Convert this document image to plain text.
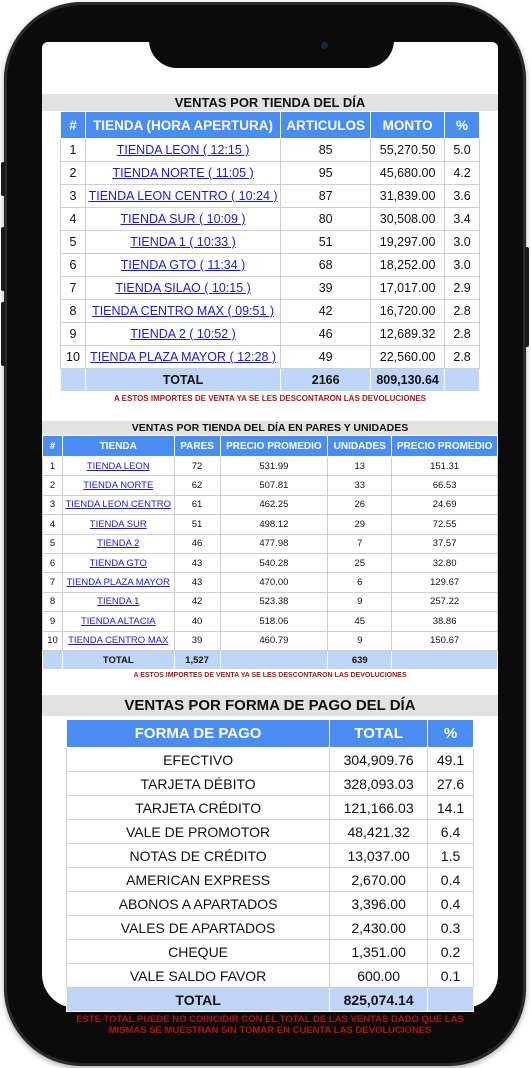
VENTAS POR TIENDA DEL DÍA
#	TIENDA (HORA APERTURA)	ARTICULOS	MONTO	%
1	TIENDA LEON ( 12:15 )	85	55,270.50	5.0
2	TIENDA NORTE ( 11:05 )	95	45,680.00	4.2
3	TIENDA LEON CENTRO ( 10:24 )	87	31,839.00	3.6
4	TIENDA SUR ( 10:09 )	80	30,508.00	3.4
5	TIENDA 1 ( 10:33 )	51	19,297.00	3.0
6	TIENDA GTO ( 11:34 )	68	18,252.00	3.0
7	TIENDA SILAO ( 10:15 )	39	17,017.00	2.9
8	TIENDA CENTRO MAX ( 09:51 )	42	16,720.00	2.8
9	TIENDA 2 ( 10:52 )	46	12,689.32	2.8
10	TIENDA PLAZA MAYOR ( 12:28 )	49	22,560.00	2.8
	TOTAL	2166	809,130.64	
A ESTOS IMPORTES DE VENTA YA SE LES DESCONTARON LAS DEVOLUCIONES
VENTAS POR TIENDA DEL DÍA EN PARES Y UNIDADES
#	TIENDA	PARES	PRECIO PROMEDIO	UNIDADES	PRECIO PROMEDIO
1	TIENDA LEON	72	531.99	13	151.31
2	TIENDA NORTE	62	507.81	33	66.53
3	TIENDA LEON CENTRO	61	462.25	26	24.69
4	TIENDA SUR	51	498.12	29	72.55
5	TIENDA 2	46	477.98	7	37.57
6	TIENDA GTO	43	540.28	25	32.80
7	TIENDA PLAZA MAYOR	43	470.00	6	129.67
8	TIENDA 1	42	523.38	9	257.22
9	TIENDA ALTACIA	40	518.06	45	38.86
10	TIENDA CENTRO MAX	39	460.79	9	150.67
	TOTAL	1,527		639	
A ESTOS IMPORTES DE VENTA YA SE LES DESCONTARON LAS DEVOLUCIONES
VENTAS POR FORMA DE PAGO DEL DÍA
FORMA DE PAGO	TOTAL	%
EFECTIVO	304,909.76	49.1
TARJETA DÉBITO	328,093.03	27.6
TARJETA CRÉDITO	121,166.03	14.1
VALE DE PROMOTOR	48,421.32	6.4
NOTAS DE CRÉDITO	13,037.00	1.5
AMERICAN EXPRESS	2,670.00	0.4
ABONOS A APARTADOS	3,396.00	0.4
VALES DE APARTADOS	2,430.00	0.3
CHEQUE	1,351.00	0.2
VALE SALDO FAVOR	600.00	0.1
TOTAL	825,074.14	
ESTE TOTAL PUEDE NO COINCIDIR CON EL TOTAL DE LAS VENTAS DADO QUE LAS
MISMAS SE MUESTRAN SIN TOMAR EN CUENTA LAS DEVOLUCIONES
